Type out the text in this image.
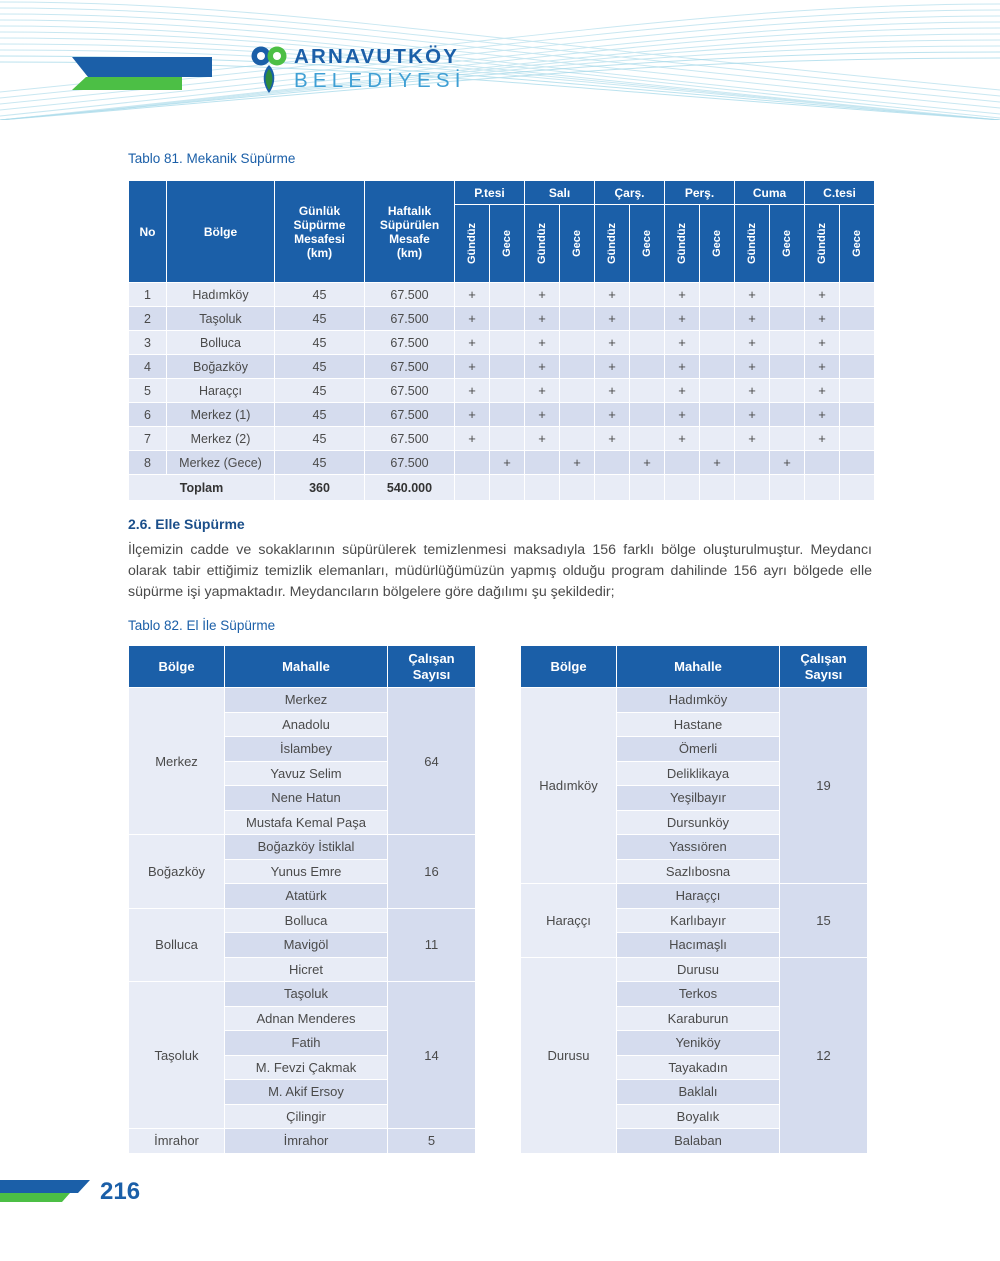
ARNAVUTKÖY
BELEDİYESİ
Tablo 81. Mekanik Süpürme
No	Bölge	
Günlük
Süpürme
Mesafesi
(km)

Haftalık
Süpürülen
Mesafe
(km)
	P.tesi	Salı	Çarş.	Perş.	Cuma	C.tesi

				Gündüz	Gece	Gündüz	Gece	Gündüz	Gece	Gündüz	Gece	Gündüz	Gece	Gündüz	Gece

1	Hadımköy	45	67.500	+		+		+		+		+		+	
2	Taşoluk	45	67.500	+		+		+		+		+		+	
3	Bolluca	45	67.500	+		+		+		+		+		+	
4	Boğazköy	45	67.500	+		+		+		+		+		+	
5	Haraççı	45	67.500	+		+		+		+		+		+	
6	Merkez (1)	45	67.500	+		+		+		+		+		+	
7	Merkez (2)	45	67.500	+		+		+		+		+		+	
8	Merkez (Gece)	45	67.500		+		+		+		+		+		
Toplam		360	540.000												
2.6. Elle Süpürme
İlçemizin cadde ve sokaklarının süpürülerek temizlenmesi maksadıyla 156 farklı bölge oluşturulmuştur. Meydancı olarak tabir ettiğimiz temizlik elemanları, müdürlüğümüzün yapmış olduğu program dahilinde 156 ayrı bölgede elle süpürme işi yapmaktadır. Meydancıların bölgelere göre dağılımı şu şekildedir;
Tablo 82. El İle Süpürme
Bölge	Mahalle	Çalışan
Sayısı

Merkez	Merkez	64
	Anadolu	
	İslambey	
	Yavuz Selim	
	Nene Hatun	
	Mustafa Kemal Paşa	
Boğazköy	Boğazköy İstiklal	16
	Yunus Emre	
	Atatürk	
Bolluca	Bolluca	11
	Mavigöl	
	Hicret	
Taşoluk	Taşoluk	14
	Adnan Menderes	
	Fatih	
	M. Fevzi Çakmak	
	M. Akif Ersoy	
	Çilingir	
İmrahor	İmrahor	5
Bölge	Mahalle	Çalışan
Sayısı

Hadımköy	Hadımköy	19
	Hastane	
	Ömerli	
	Deliklikaya	
	Yeşilbayır	
	Dursunköy	
	Yassıören	
	Sazlıbosna	
Haraççı	Haraççı	15
	Karlıbayır	
	Hacımaşlı	
Durusu	Durusu	12
	Terkos	
	Karaburun	
	Yeniköy	
	Tayakadın	
	Baklalı	
	Boyalık	
	Balaban	
216
